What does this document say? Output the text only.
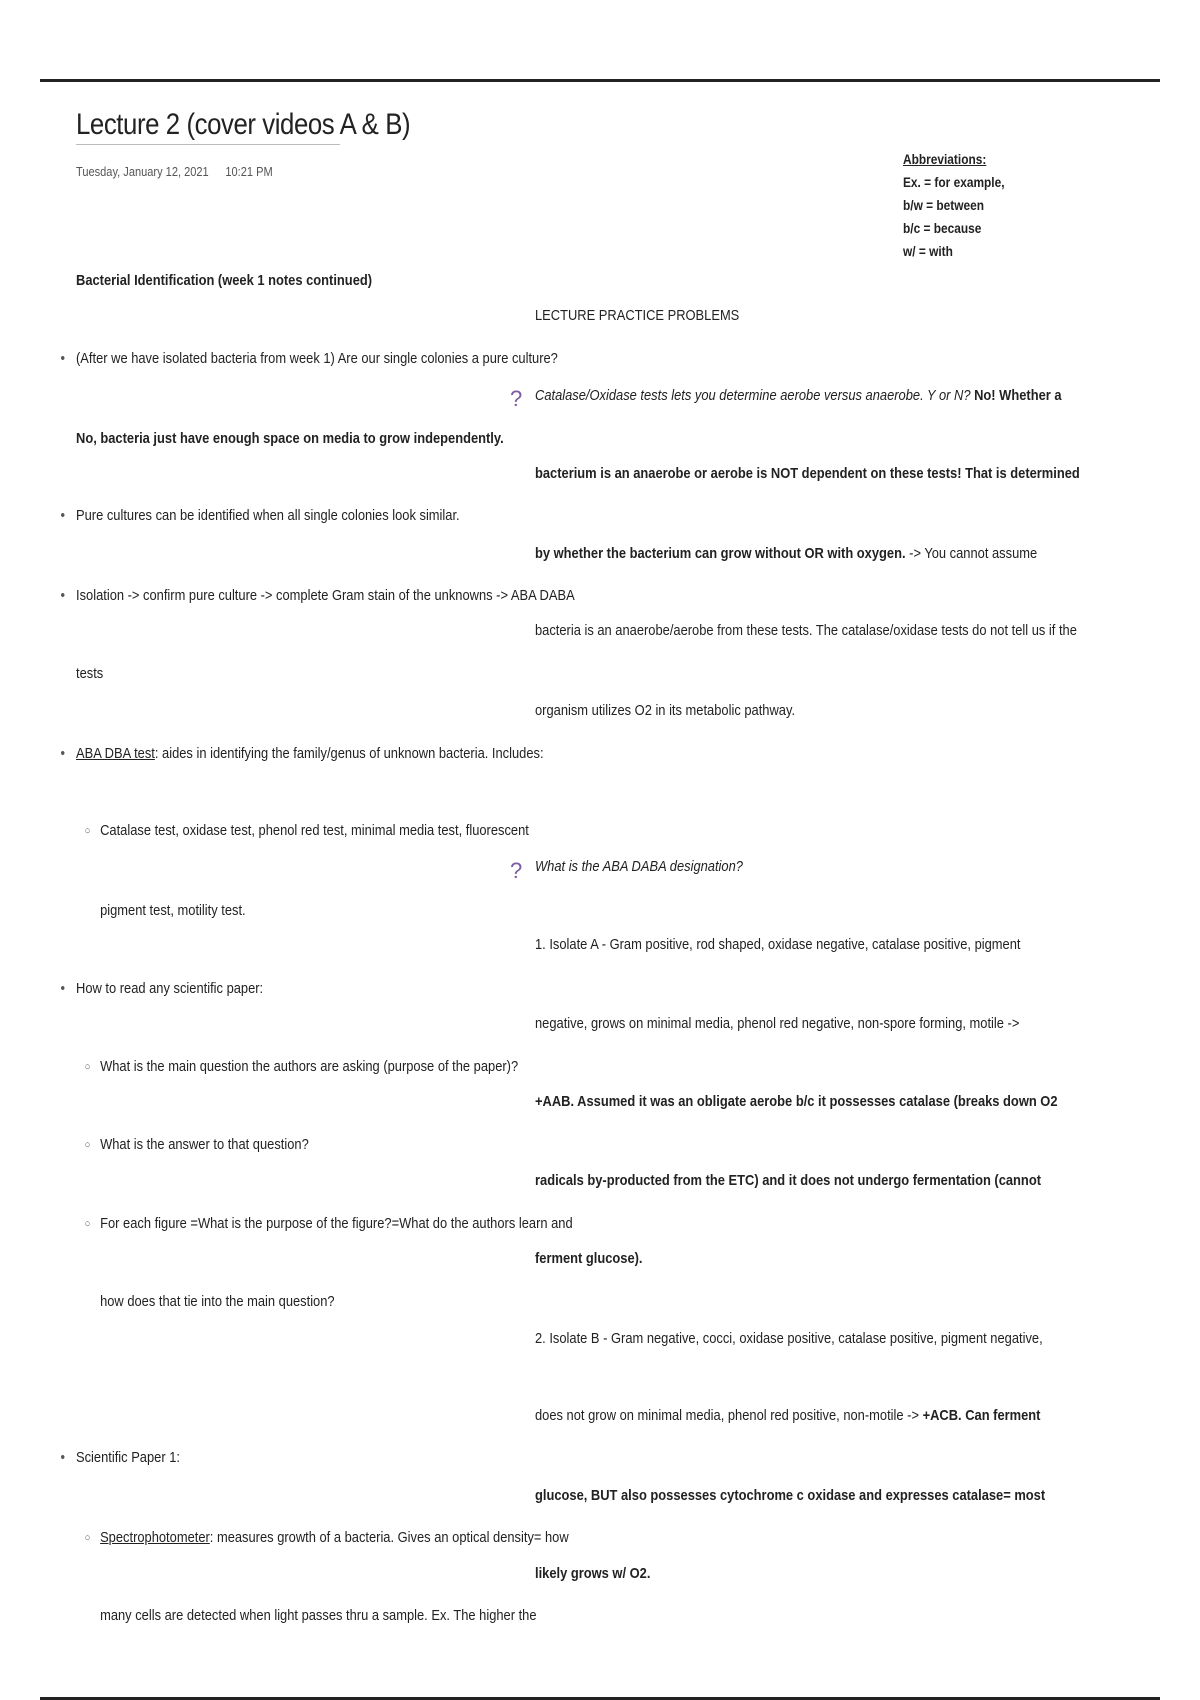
Lecture 2 (cover videos A & B)
Tuesday, January 12, 2021 10:21 PM
Abbreviations:
Ex. = for example,
b/w = between
b/c = because
w/ = with
Bacterial Identification (week 1 notes continued)
• (After we have isolated bacteria from week 1) Are our single colonies a pure culture?
No, bacteria just have enough space on media to grow independently.
• Pure cultures can be identified when all single colonies look similar.
• Isolation -> confirm pure culture -> complete Gram stain of the unknowns -> ABA DABA
tests
• ABA DBA test: aides in identifying the family/genus of unknown bacteria. Includes:
○ Catalase test, oxidase test, phenol red test, minimal media test, fluorescent
pigment test, motility test.
• How to read any scientific paper:
○ What is the main question the authors are asking (purpose of the paper)?
○ What is the answer to that question?
○ For each figure =What is the purpose of the figure?=What do the authors learn and
how does that tie into the main question?
• Scientific Paper 1:
○ Spectrophotometer: measures growth of a bacteria. Gives an optical density= how
many cells are detected when light passes thru a sample. Ex. The higher the
?
?
LECTURE PRACTICE PROBLEMS
Catalase/Oxidase tests lets you determine aerobe versus anaerobe. Y or N? No! Whether a
bacterium is an anaerobe or aerobe is NOT dependent on these tests! That is determined
by whether the bacterium can grow without OR with oxygen. -> You cannot assume
bacteria is an anaerobe/aerobe from these tests. The catalase/oxidase tests do not tell us if the
organism utilizes O2 in its metabolic pathway.
What is the ABA DABA designation?
1. Isolate A - Gram positive, rod shaped, oxidase negative, catalase positive, pigment
negative, grows on minimal media, phenol red negative, non-spore forming, motile ->
+AAB. Assumed it was an obligate aerobe b/c it possesses catalase (breaks down O2
radicals by-producted from the ETC) and it does not undergo fermentation (cannot
ferment glucose).
2. Isolate B - Gram negative, cocci, oxidase positive, catalase positive, pigment negative,
does not grow on minimal media, phenol red positive, non-motile -> +ACB. Can ferment
glucose, BUT also possesses cytochrome c oxidase and expresses catalase= most
likely grows w/ O2.
